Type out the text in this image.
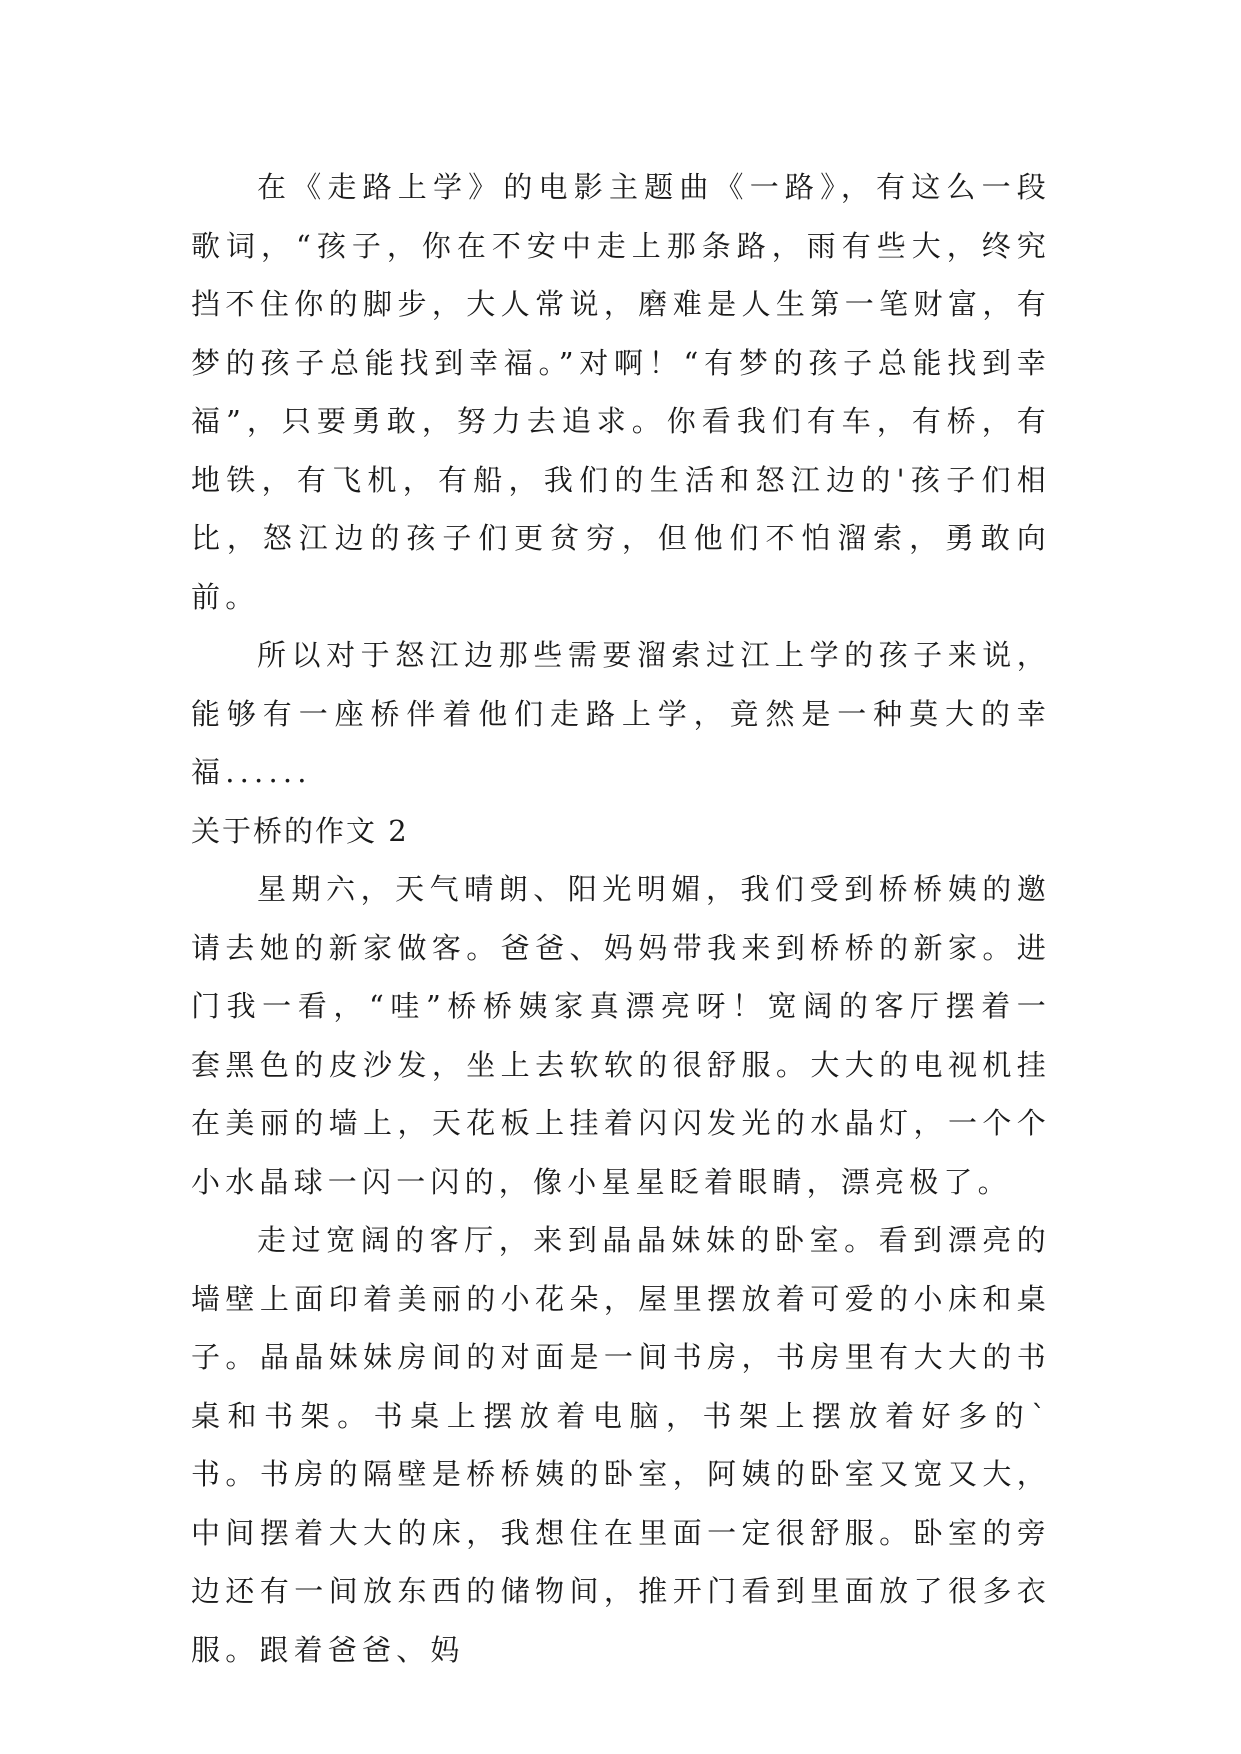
在《走路上学》的电影主题曲《一路》，有这么一段歌词，“孩子，你在不安中走上那条路，雨有些大，终究挡不住你的脚步，大人常说，磨难是人生第一笔财富，有梦的孩子总能找到幸福。”对啊！“有梦的孩子总能找到幸福”，只要勇敢，努力去追求。你看我们有车，有桥，有地铁，有飞机，有船，我们的生活和怒江边的'孩子们相比，怒江边的孩子们更贫穷，但他们不怕溜索，勇敢向前。

所以对于怒江边那些需要溜索过江上学的孩子来说，能够有一座桥伴着他们走路上学，竟然是一种莫大的幸福......

关于桥的作文 2

星期六，天气晴朗、阳光明媚，我们受到桥桥姨的邀请去她的新家做客。爸爸、妈妈带我来到桥桥的新家。进门我一看，“哇”桥桥姨家真漂亮呀！宽阔的客厅摆着一套黑色的皮沙发，坐上去软软的很舒服。大大的电视机挂在美丽的墙上，天花板上挂着闪闪发光的水晶灯，一个个小水晶球一闪一闪的，像小星星眨着眼睛，漂亮极了。

走过宽阔的客厅，来到晶晶妹妹的卧室。看到漂亮的墙壁上面印着美丽的小花朵，屋里摆放着可爱的小床和桌子。晶晶妹妹房间的对面是一间书房，书房里有大大的书桌和书架。书桌上摆放着电脑，书架上摆放着好多的`书。书房的隔壁是桥桥姨的卧室，阿姨的卧室又宽又大，中间摆着大大的床，我想住在里面一定很舒服。卧室的旁边还有一间放东西的储物间，推开门看到里面放了很多衣服。跟着爸爸、妈
